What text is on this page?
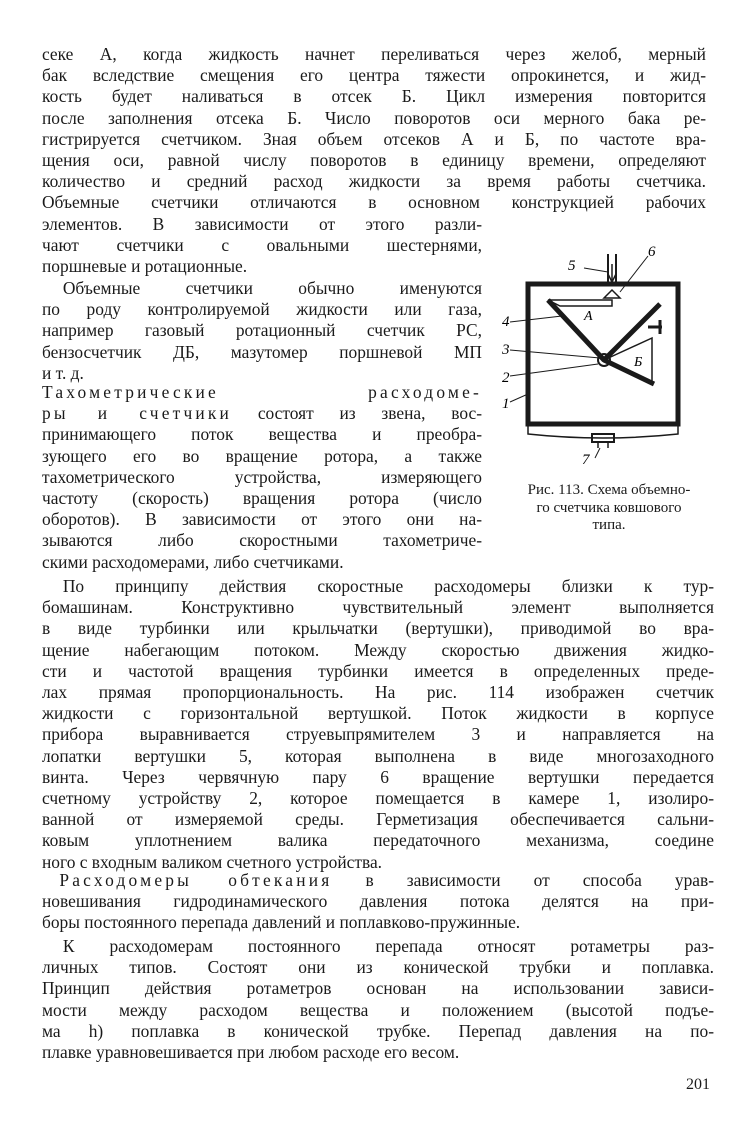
секе А, когда жидкость начнет переливаться через желоб, мерный
бак вследствие смещения его центра тяжести опрокинется, и жид-
кость будет наливаться в отсек Б. Цикл измерения повторится
после заполнения отсека Б. Число поворотов оси мерного бака ре-
гистрируется счетчиком. Зная объем отсеков А и Б, по частоте вра-
щения оси, равной числу поворотов в единицу времени, определяют
количество и средний расход жидкости за время работы счетчика.
Объемные счетчики отличаются в основном конструкцией рабочих
элементов. В зависимости от этого разли-
чают счетчики с овальными шестернями,
поршневые и ротационные.
Объемные счетчики обычно именуются
по роду контролируемой жидкости или газа,
например газовый ротационный счетчик РС,
бензосчетчик ДБ, мазутомер поршневой МП
и т. д.
Тахометрические расходоме-
ры и счетчики состоят из звена, вос-
принимающего поток вещества и преобра-
зующего его во вращение ротора, а также
тахометрического устройства, измеряющего
частоту (скорость) вращения ротора (число
оборотов). В зависимости от этого они на-
зываются либо скоростными тахометриче-
скими расходомерами, либо счетчиками.
По принципу действия скоростные расходомеры близки к тур-
бомашинам. Конструктивно чувствительный элемент выполняется
в виде турбинки или крыльчатки (вертушки), приводимой во вра-
щение набегающим потоком. Между скоростью движения жидко-
сти и частотой вращения турбинки имеется в определенных преде-
лах прямая пропорциональность. На рис. 114 изображен счетчик
жидкости с горизонтальной вертушкой. Поток жидкости в корпусе
прибора выравнивается струевыпрямителем 3 и направляется на
лопатки вертушки 5, которая выполнена в виде многозаходного
винта. Через червячную пару 6 вращение вертушки передается
счетному устройству 2, которое помещается в камере 1, изолиро-
ванной от измеряемой среды. Герметизация обеспечивается сальни-
ковым уплотнением валика передаточного механизма, соедине
ного с входным валиком счетного устройства.
 Расходомеры обтекания в зависимости от способа урав-
новешивания гидродинамического давления потока делятся на при-
боры постоянного перепада давлений и поплавково-пружинные.
К расходомерам постоянного перепада относят ротаметры раз-
личных типов. Состоят они из конической трубки и поплавка.
Принцип действия ротаметров основан на использовании зависи-
мости между расходом вещества и положением (высотой подъе-
ма h) поплавка в конической трубке. Перепад давления на по-
плавке уравновешивается при любом расходе его весом.
4
3
2
1
5
6
7
А
Б
Рис. 113. Схема объемно-
го счетчика ковшового
типа.
201
